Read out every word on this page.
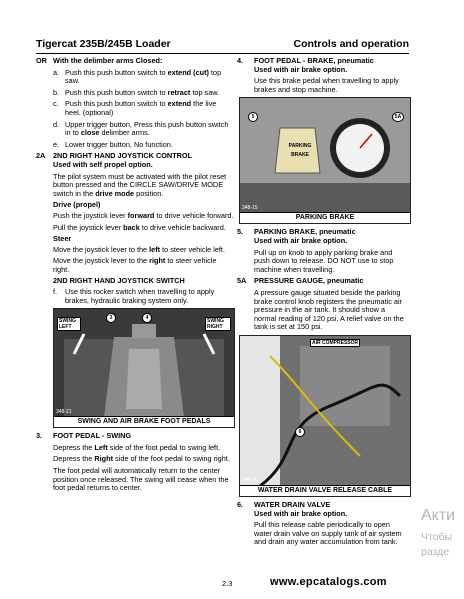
Tigercat 235B/245B Loader	Controls and operation
OR With the delimber arms Closed:
a. Push this push button switch to extend (cut) top saw.
b. Push this push button switch to retract top saw.
c. Push this push button switch to extend the live heel. (optional)
d. Upper trigger button, Press this push button switch in to close delimber arms.
e. Lower trigger button, No function.
2A	2ND RIGHT HAND JOYSTICK CONTROL
Used with self propel option.

The pilot system must be activated with the pilot reset button pressed and the CIRCLE SAW/DRIVE MODE switch in the drive mode position.

Drive (propel)

Push the joystick lever forward to drive vehicle forward.

Pull the joystick lever back to drive vehicle backward.

Steer

Move the joystick lever to the left to steer vehicle left.

Move the joystick lever to the right to steer vehicle right.

2ND RIGHT HAND JOYSTICK SWITCH
f.	Use this rocker switch when travelling to apply brakes, hydraulic braking system only.
SWING LEFT
SWING RIGHT
3	4
348-21
SWING AND AIR BRAKE FOOT PEDALS
3.	FOOT PEDAL - SWING

Depress the Left side of the foot pedal to swing left.

Depress the Right side of the foot pedal to swing right.

The foot pedal will automatically return to the center position once released. The swing will cease when the foot pedal returns to center.

4.	FOOT PEDAL - BRAKE, pneumatic
Used with air brake option.

Use this brake pedal when travelling to apply brakes and stop machine.

PARKING BRAKE
5	5A
348-15
PARKING BRAKE
5.	PARKING BRAKE, pneumatic
Used with air brake option.

Pull up on knob to apply parking brake and push down to release. DO NOT use to stop machine when travelling.

5A	PRESSURE GAUGE, pneumatic

A pressure gauge situated beside the parking brake control knob registers the pneumatic air pressure in the air tank. It should show a normal reading of 120 psi. A relief valve on the tank is set at 150 psi.

AIR COMPRESSOR
6
348-16
WATER DRAIN VALVE RELEASE CABLE
6.	WATER DRAIN VALVE
Used with air brake option.

Pull this release cable periodically to open water drain valve on supply tank of air system and drain any water accumulation from tank.

2.3	www.epcatalogs.com
Акти
Чтобы
разде
